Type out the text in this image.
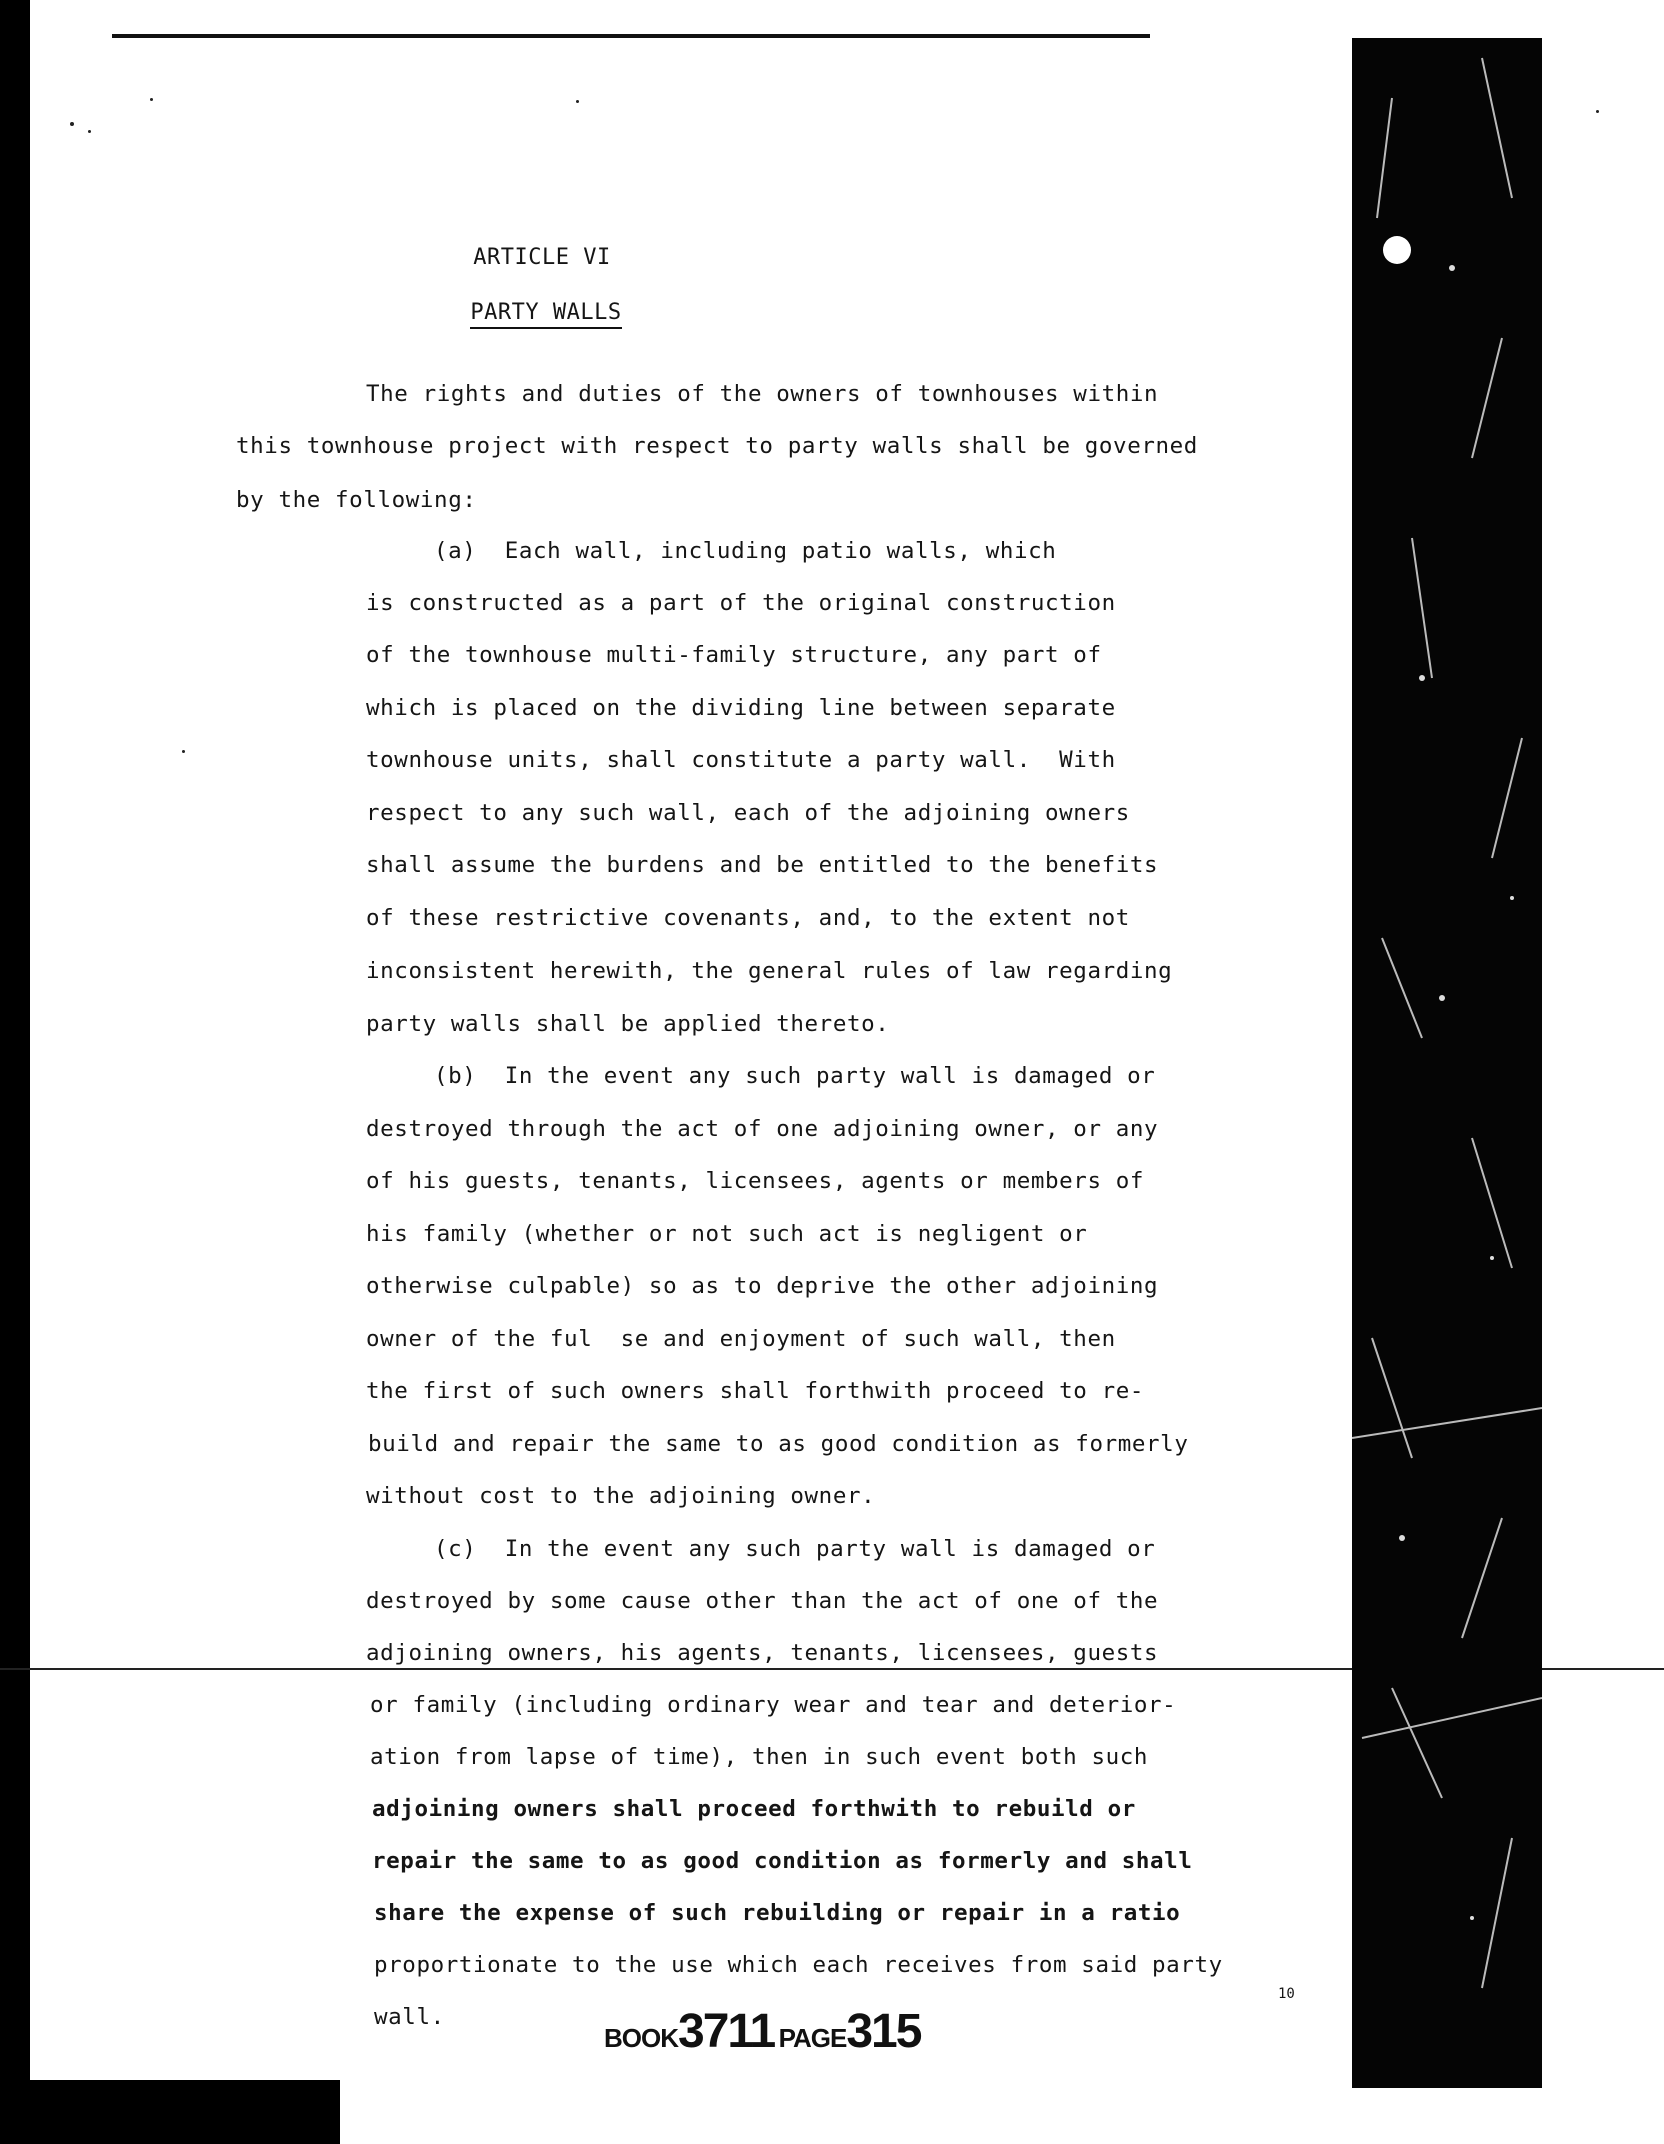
ARTICLE VI
PARTY WALLS
The rights and duties of the owners of townhouses within
this townhouse project with respect to party walls shall be governed
by the following:
(a)  Each wall, including patio walls, which
is constructed as a part of the original construction
of the townhouse multi-family structure, any part of
which is placed on the dividing line between separate
townhouse units, shall constitute a party wall.  With
respect to any such wall, each of the adjoining owners
shall assume the burdens and be entitled to the benefits
of these restrictive covenants, and, to the extent not
inconsistent herewith, the general rules of law regarding
party walls shall be applied thereto.
(b)  In the event any such party wall is damaged or
destroyed through the act of one adjoining owner, or any
of his guests, tenants, licensees, agents or members of
his family (whether or not such act is negligent or
otherwise culpable) so as to deprive the other adjoining
owner of the ful  se and enjoyment of such wall, then
the first of such owners shall forthwith proceed to re-
build and repair the same to as good condition as formerly
without cost to the adjoining owner.
(c)  In the event any such party wall is damaged or
destroyed by some cause other than the act of one of the
adjoining owners, his agents, tenants, licensees, guests
or family (including ordinary wear and tear and deterior-
ation from lapse of time), then in such event both such
adjoining owners shall proceed forthwith to rebuild or
repair the same to as good condition as formerly and shall
share the expense of such rebuilding or repair in a ratio
proportionate to the use which each receives from said party
wall.
BOOK3711 PAGE315
10
